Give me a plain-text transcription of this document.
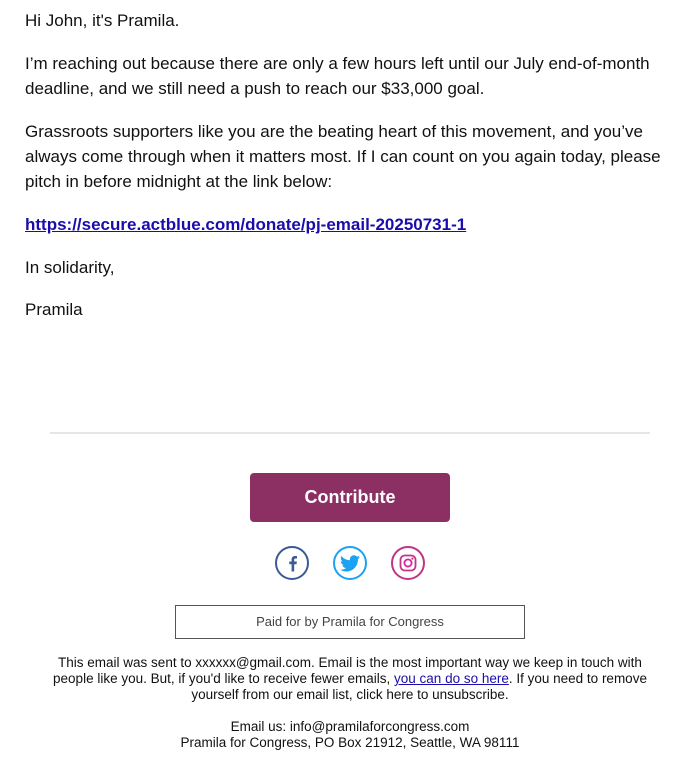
Hi John, it's Pramila.

I’m reaching out because there are only a few hours left until our July end-of-month deadline, and we still need a push to reach our $33,000 goal.

Grassroots supporters like you are the beating heart of this movement, and you’ve always come through when it matters most. If I can count on you again today, please pitch in before midnight at the link below:

https://secure.actblue.com/donate/pj-email-20250731-1

In solidarity,

Pramila

Contribute
Paid for by Pramila for Congress

This email was sent to xxxxxx@gmail.com. Email is the most important way we keep in touch with people like you. But, if you'd like to receive fewer emails, you can do so here. If you need to remove yourself from our email list, click here to unsubscribe.

Email us: info@pramilaforcongress.com

Pramila for Congress, PO Box 21912, Seattle, WA 98111
